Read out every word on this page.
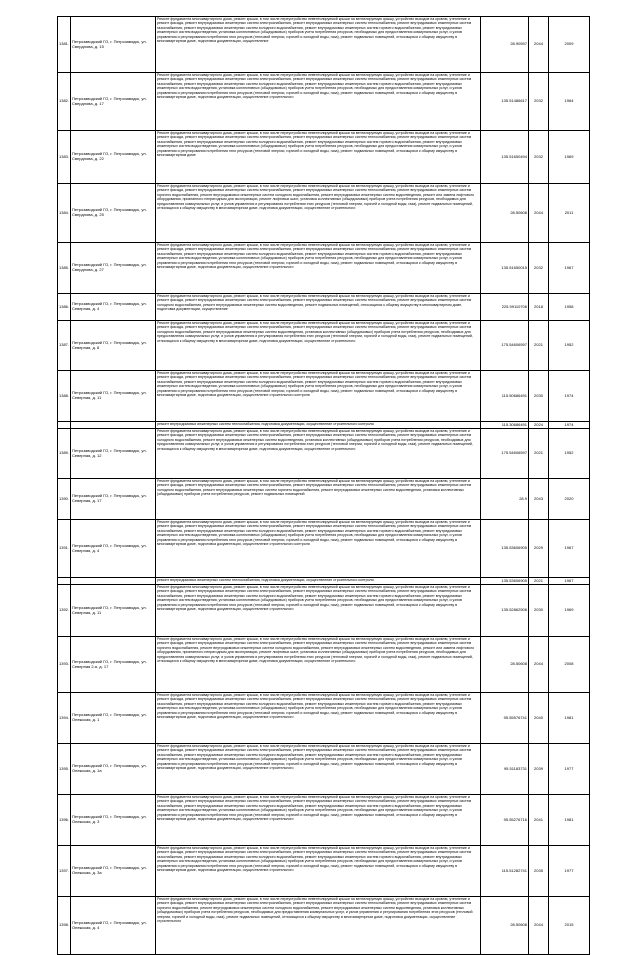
1381.	Петрозаводский ГО, г. Петрозаводск, ул. Свердлова, д. 15	Ремонт фундамента многоквартирного дома, ремонт крыши, в том числе переустройство невентилируемой крыши на вентилируемую крышу, устройство выходов на кровлю, утепление и ремонт фасада, ремонт внутридомовых инженерных систем электроснабжения, ремонт внутридомовых инженерных систем теплоснабжения, ремонт внутридомовых инженерных систем газоснабжения, ремонт внутридомовых инженерных систем холодного водоснабжения, ремонт внутридомовых инженерных систем горячего водоснабжения, ремонт внутридомовых инженерных систем водоотведения, установка коллективных (общедомовых) приборов учета потребления ресурсов, необходимых для предоставления коммунальных услуг, и узлов управления и регулирования потребления этих ресурсов (тепловой энергии, горячей и холодной воды, газа), ремонт подвальных помещений, относящихся к общему имуществу в многоквартирном доме, подготовка документации, осуществление	28.90597	2044	2009
1382.	Петрозаводский ГО, г. Петрозаводск, ул. Свердлова, д. 17	Ремонт фундамента многоквартирного дома, ремонт крыши, в том числе переустройство невентилируемой крыши на вентилируемую крышу, устройство выходов на кровлю, утепление и ремонт фасада, ремонт внутридомовых инженерных систем электроснабжения, ремонт внутридомовых инженерных систем теплоснабжения, ремонт внутридомовых инженерных систем газоснабжения, ремонт внутридомовых инженерных систем холодного водоснабжения, ремонт внутридомовых инженерных систем горячего водоснабжения, ремонт внутридомовых инженерных систем водоотведения, установка коллективных (общедомовых) приборов учета потребления ресурсов, необходимых для предоставления коммунальных услуг, и узлов управления и регулирования потребления этих ресурсов (тепловой энергии, горячей и холодной воды, газа), ремонт подвальных помещений, относящихся к общему имуществу в многоквартирном доме, подготовка документации, осуществление строительного	135.51486617	2032	1964
1383.	Петрозаводский ГО, г. Петрозаводск, ул. Свердлова, д. 22	Ремонт фундамента многоквартирного дома, ремонт крыши, в том числе переустройство невентилируемой крыши на вентилируемую крышу, устройство выходов на кровлю, утепление и ремонт фасада, ремонт внутридомовых инженерных систем электроснабжения, ремонт внутридомовых инженерных систем теплоснабжения, ремонт внутридомовых инженерных систем газоснабжения, ремонт внутридомовых инженерных систем холодного водоснабжения, ремонт внутридомовых инженерных систем горячего водоснабжения, ремонт внутридомовых инженерных систем водоотведения, установка коллективных (общедомовых) приборов учета потребления ресурсов, необходимых для предоставления коммунальных услуг, и узлов управления и регулирования потребления этих ресурсов (тепловой энергии, горячей и холодной воды, газа), ремонт подвальных помещений, относящихся к общему имуществу в многоквартирном доме	135.51650494	2032	1969
1384.	Петрозаводский ГО, г. Петрозаводск, ул. Свердлова, д. 25	Ремонт фундамента многоквартирного дома, ремонт крыши, в том числе переустройство невентилируемой крыши на вентилируемую крышу, устройство выходов на кровлю, утепление и ремонт фасада, ремонт внутридомовых инженерных систем электроснабжения, ремонт внутридомовых инженерных систем теплоснабжения, ремонт внутридомовых инженерных систем горячего водоснабжения, ремонт внутридомовых инженерных систем холодного водоснабжения, ремонт внутридомовых инженерных систем водоотведения, ремонт или замена лифтового оборудования, признанного непригодным для эксплуатации, ремонт лифтовых шахт, установка коллективных (общедомовых) приборов учета потребления ресурсов, необходимых для предоставления коммунальных услуг, и узлов управления и регулирования потребления этих ресурсов (тепловой энергии, горячей и холодной воды, газа), ремонт подвальных помещений, относящихся к общему имуществу в многоквартирном доме, подготовка документации, осуществление строительного	28.50608	2044	2011
1385.	Петрозаводский ГО, г. Петрозаводск, ул. Свердлова, д. 27	Ремонт фундамента многоквартирного дома, ремонт крыши, в том числе переустройство невентилируемой крыши на вентилируемую крышу, устройство выходов на кровлю, утепление и ремонт фасада, ремонт внутридомовых инженерных систем электроснабжения, ремонт внутридомовых инженерных систем теплоснабжения, ремонт внутридомовых инженерных систем газоснабжения, ремонт внутридомовых инженерных систем холодного водоснабжения, ремонт внутридомовых инженерных систем горячего водоснабжения, ремонт внутридомовых инженерных систем водоотведения, установка коллективных (общедомовых) приборов учета потребления ресурсов, необходимых для предоставления коммунальных услуг, и узлов управления и регулирования потребления этих ресурсов (тепловой энергии, горячей и холодной воды, газа), ремонт подвальных помещений, относящихся к общему имуществу в многоквартирном доме, подготовка документации, осуществление строительного	135.51650015	2032	1967
1386.	Петрозаводский ГО, г. Петрозаводск, ул. Северная, д. 4	Ремонт фундамента многоквартирного дома, ремонт крыши, в том числе переустройство невентилируемой крыши на вентилируемую крышу, устройство выходов на кровлю, утепление и ремонт фасада, ремонт внутридомовых инженерных систем электроснабжения, ремонт внутридомовых инженерных систем теплоснабжения, ремонт внутридомовых инженерных систем холодного водоснабжения, ремонт внутридомовых инженерных систем водоотведения, ремонт подвальных помещений, относящихся к общему имуществу в многоквартирном доме, подготовка документации, осуществление	225.99110706	2018	1958
1387.	Петрозаводский ГО, г. Петрозаводск, ул. Северная, д. 8	Ремонт фундамента многоквартирного дома, ремонт крыши, в том числе переустройство невентилируемой крыши на вентилируемую крышу, устройство выходов на кровлю, утепление и ремонт фасада, ремонт внутридомовых инженерных систем электроснабжения, ремонт внутридомовых инженерных систем теплоснабжения, ремонт внутридомовых инженерных систем холодного водоснабжения, ремонт внутридомовых инженерных систем водоотведения, установка коллективных (общедомовых) приборов учета потребления ресурсов, необходимых для предоставления коммунальных услуг, и узлов управления и регулирования потребления этих ресурсов (тепловой энергии, горячей и холодной воды, газа), ремонт подвальных помещений, относящихся к общему имуществу в многоквартирном доме, подготовка документации, осуществление строительного	175.54606597	2021	1952
1388.	Петрозаводский ГО, г. Петрозаводск, ул. Северная, д. 11	Ремонт фундамента многоквартирного дома, ремонт крыши, в том числе переустройство невентилируемой крыши на вентилируемую крышу, устройство выходов на кровлю, утепление и ремонт фасада, ремонт внутридомовых инженерных систем электроснабжения, ремонт внутридомовых инженерных систем теплоснабжения, ремонт внутридомовых инженерных систем газоснабжения, ремонт внутридомовых инженерных систем холодного водоснабжения, ремонт внутридомовых инженерных систем горячего водоснабжения, ремонт внутридомовых инженерных систем водоотведения, установка коллективных (общедомовых) приборов учета потребления ресурсов, необходимых для предоставления коммунальных услуг, и узлов управления и регулирования потребления этих ресурсов (тепловой энергии, горячей и холодной воды, газа), ремонт подвальных помещений, относящихся к общему имуществу в многоквартирном доме, подготовка документации, осуществление строительного контроля	115.50686491	2030	1974
		ремонт внутридомовых инженерных систем теплоснабжения, подготовка документации, осуществление строительного контроля	115.30686491	2024	1974
1389.	Петрозаводский ГО, г. Петрозаводск, ул. Северная, д. 12	Ремонт фундамента многоквартирного дома, ремонт крыши, в том числе переустройство невентилируемой крыши на вентилируемую крышу, устройство выходов на кровлю, утепление и ремонт фасада, ремонт внутридомовых инженерных систем электроснабжения, ремонт внутридомовых инженерных систем теплоснабжения, ремонт внутридомовых инженерных систем холодного водоснабжения, ремонт внутридомовых инженерных систем водоотведения, установка коллективных (общедомовых) приборов учета потребления ресурсов, необходимых для предоставления коммунальных услуг, и узлов управления и регулирования потребления этих ресурсов (тепловой энергии, горячей и холодной воды, газа), ремонт подвальных помещений, относящихся к общему имуществу в многоквартирном доме, подготовка документации, осуществление строительного	175.54606597	2021	1952
1390.	Петрозаводский ГО, г. Петрозаводск, ул. Северная, д. 17	Ремонт фундамента многоквартирного дома, ремонт крыши, в том числе переустройство невентилируемой крыши на вентилируемую крышу, устройство выходов на кровлю, утепление и ремонт фасада, ремонт внутридомовых инженерных систем электроснабжения, ремонт внутридомовых инженерных систем теплоснабжения, ремонт внутридомовых инженерных систем холодного водоснабжения, ремонт внутридомовых инженерных систем горячего водоснабжения, ремонт внутридомовых инженерных систем водоотведения, установка коллективных (общедомовых) приборов учета потребления ресурсов, ремонт подвальных помещений	28.9	2043	2020
1391.	Петрозаводский ГО, г. Петрозаводск, ул. Северная, д. 4	Ремонт фундамента многоквартирного дома, ремонт крыши, в том числе переустройство невентилируемой крыши на вентилируемую крышу, устройство выходов на кровлю, утепление и ремонт фасада, ремонт внутридомовых инженерных систем электроснабжения, ремонт внутридомовых инженерных систем теплоснабжения, ремонт внутридомовых инженерных систем газоснабжения, ремонт внутридомовых инженерных систем холодного водоснабжения, ремонт внутридомовых инженерных систем горячего водоснабжения, ремонт внутридомовых инженерных систем водоотведения, установка коллективных (общедомовых) приборов учета потребления ресурсов, необходимых для предоставления коммунальных услуг, и узлов управления и регулирования потребления этих ресурсов (тепловой энергии, горячей и холодной воды, газа), ремонт подвальных помещений, относящихся к общему имуществу в многоквартирном доме, подготовка документации, осуществление строительного контроля	135.53606905	2029	1967
		ремонт внутридомовых инженерных систем теплоснабжения, подготовка документации, осуществление строительного контроля	135.53606905	2021	1967
1392.	Петрозаводский ГО, г. Петрозаводск, ул. Северная, д. 11	Ремонт фундамента многоквартирного дома, ремонт крыши, в том числе переустройство невентилируемой крыши на вентилируемую крышу, устройство выходов на кровлю, утепление и ремонт фасада, ремонт внутридомовых инженерных систем электроснабжения, ремонт внутридомовых инженерных систем теплоснабжения, ремонт внутридомовых инженерных систем газоснабжения, ремонт внутридомовых инженерных систем холодного водоснабжения, ремонт внутридомовых инженерных систем горячего водоснабжения, ремонт внутридомовых инженерных систем водоотведения, установка коллективных (общедомовых) приборов учета потребления ресурсов, необходимых для предоставления коммунальных услуг, и узлов управления и регулирования потребления этих ресурсов (тепловой энергии, горячей и холодной воды, газа), ремонт подвальных помещений, относящихся к общему имуществу в многоквартирном доме, подготовка документации, осуществление строительного	135.52862506	2030	1969
1393.	Петрозаводский ГО, г. Петрозаводск, ул. Северная 2-я, д. 17	Ремонт фундамента многоквартирного дома, ремонт крыши, в том числе переустройство невентилируемой крыши на вентилируемую крышу, устройство выходов на кровлю, утепление и ремонт фасада, ремонт внутридомовых инженерных систем электроснабжения, ремонт внутридомовых инженерных систем теплоснабжения, ремонт внутридомовых инженерных систем горячего водоснабжения, ремонт внутридомовых инженерных систем холодного водоснабжения, ремонт внутридомовых инженерных систем водоотведения, ремонт или замена лифтового оборудования, признанного непригодным для эксплуатации, ремонт лифтовых шахт, установка коллективных (общедомовых) приборов учета потребления ресурсов, необходимых для предоставления коммунальных услуг, и узлов управления и регулирования потребления этих ресурсов (тепловой энергии, горячей и холодной воды, газа), ремонт подвальных помещений, относящихся к общему имуществу в многоквартирном доме, подготовка документации, осуществление строительного	28.50608	2044	2008
1394.	Петрозаводский ГО, г. Петрозаводск, ул. Онежская, д. 1	Ремонт фундамента многоквартирного дома, ремонт крыши, в том числе переустройство невентилируемой крыши на вентилируемую крышу, устройство выходов на кровлю, утепление и ремонт фасада, ремонт внутридомовых инженерных систем электроснабжения, ремонт внутридомовых инженерных систем теплоснабжения, ремонт внутридомовых инженерных систем газоснабжения, ремонт внутридомовых инженерных систем холодного водоснабжения, ремонт внутридомовых инженерных систем горячего водоснабжения, ремонт внутридомовых инженерных систем водоотведения, установка коллективных (общедомовых) приборов учета потребления ресурсов, необходимых для предоставления коммунальных услуг, и узлов управления и регулирования потребления этих ресурсов (тепловой энергии, горячей и холодной воды, газа), ремонт подвальных помещений, относящихся к общему имуществу в многоквартирном доме, подготовка документации, осуществление строительного	95.55576741	2040	1981
1395.	Петрозаводский ГО, г. Петрозаводск, ул. Онежская, д. 1а	Ремонт фундамента многоквартирного дома, ремонт крыши, в том числе переустройство невентилируемой крыши на вентилируемую крышу, устройство выходов на кровлю, утепление и ремонт фасада, ремонт внутридомовых инженерных систем электроснабжения, ремонт внутридомовых инженерных систем теплоснабжения, ремонт внутридомовых инженерных систем газоснабжения, ремонт внутридомовых инженерных систем холодного водоснабжения, ремонт внутридомовых инженерных систем горячего водоснабжения, ремонт внутридомовых инженерных систем водоотведения, установка коллективных (общедомовых) приборов учета потребления ресурсов, необходимых для предоставления коммунальных услуг, и узлов управления и регулирования потребления этих ресурсов (тепловой энергии, горячей и холодной воды, газа), ремонт подвальных помещений, относящихся к общему имуществу в многоквартирном доме, подготовка документации, осуществление строительного	95.51183731	2039	1977
1396.	Петрозаводский ГО, г. Петрозаводск, ул. Онежская, д. 3	Ремонт фундамента многоквартирного дома, ремонт крыши, в том числе переустройство невентилируемой крыши на вентилируемую крышу, устройство выходов на кровлю, утепление и ремонт фасада, ремонт внутридомовых инженерных систем электроснабжения, ремонт внутридомовых инженерных систем теплоснабжения, ремонт внутридомовых инженерных систем газоснабжения, ремонт внутридомовых инженерных систем холодного водоснабжения, ремонт внутридомовых инженерных систем горячего водоснабжения, ремонт внутридомовых инженерных систем водоотведения, установка коллективных (общедомовых) приборов учета потребления ресурсов, необходимых для предоставления коммунальных услуг, и узлов управления и регулирования потребления этих ресурсов (тепловой энергии, горячей и холодной воды, газа), ремонт подвальных помещений, относящихся к общему имуществу в многоквартирном доме, подготовка документации, осуществление строительного	95.55276716	2041	1981
1397.	Петрозаводский ГО, г. Петрозаводск, ул. Онежская, д. 3а	Ремонт фундамента многоквартирного дома, ремонт крыши, в том числе переустройство невентилируемой крыши на вентилируемую крышу, устройство выходов на кровлю, утепление и ремонт фасада, ремонт внутридомовых инженерных систем электроснабжения, ремонт внутридомовых инженерных систем теплоснабжения, ремонт внутридомовых инженерных систем газоснабжения, ремонт внутридомовых инженерных систем холодного водоснабжения, ремонт внутридомовых инженерных систем горячего водоснабжения, ремонт внутридомовых инженерных систем водоотведения, установка коллективных (общедомовых) приборов учета потребления ресурсов, необходимых для предоставления коммунальных услуг, и узлов управления и регулирования потребления этих ресурсов (тепловой энергии, горячей и холодной воды, газа), ремонт подвальных помещений, относящихся к общему имуществу в многоквартирном доме, подготовка документации, осуществление строительного	115.51282741	2035	1977
1398.	Петрозаводский ГО, г. Петрозаводск, ул. Онежская, д. 4	Ремонт фундамента многоквартирного дома, ремонт крыши, в том числе переустройство невентилируемой крыши на вентилируемую крышу, устройство выходов на кровлю, утепление и ремонт фасада, ремонт внутридомовых инженерных систем электроснабжения, ремонт внутридомовых инженерных систем теплоснабжения, ремонт внутридомовых инженерных систем горячего водоснабжения, ремонт внутридомовых инженерных систем холодного водоснабжения, ремонт внутридомовых инженерных систем водоотведения, установка коллективных (общедомовых) приборов учета потребления ресурсов, необходимых для предоставления коммунальных услуг, и узлов управления и регулирования потребления этих ресурсов (тепловой энергии, горячей и холодной воды, газа), ремонт подвальных помещений, относящихся к общему имуществу в многоквартирном доме, подготовка документации, осуществление строительного	28.50608	2044	2015
